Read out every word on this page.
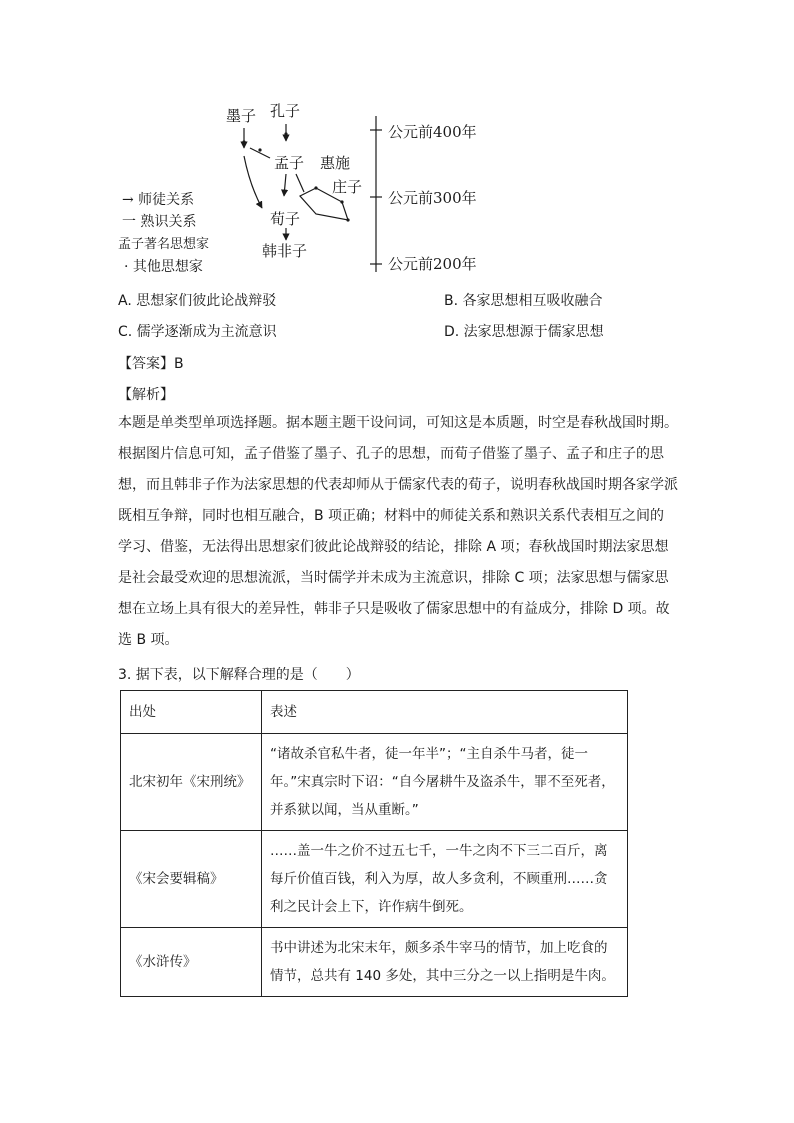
墨子 孔子
孟子 惠施
庄子
荀子
韩非子
→ 师徒关系
一 熟识关系
孟子著名思想家
· 其他思想家
公元前400年
公元前300年
公元前200年
A. 思想家们彼此论战辩驳	B. 各家思想相互吸收融合
C. 儒学逐渐成为主流意识	D. 法家思想源于儒家思想
【答案】B
【解析】
本题是单类型单项选择题。据本题主题干设问词，可知这是本质题，时空是春秋战国时期。根据图片信息可知，孟子借鉴了墨子、孔子的思想，而荀子借鉴了墨子、孟子和庄子的思想，而且韩非子作为法家思想的代表却师从于儒家代表的荀子，说明春秋战国时期各家学派既相互争辩，同时也相互融合，B 项正确；材料中的师徒关系和熟识关系代表相互之间的学习、借鉴，无法得出思想家们彼此论战辩驳的结论，排除 A 项；春秋战国时期法家思想是社会最受欢迎的思想流派，当时儒学并未成为主流意识，排除 C 项；法家思想与儒家思想在立场上具有很大的差异性，韩非子只是吸收了儒家思想中的有益成分，排除 D 项。故选 B 项。
3. 据下表，以下解释合理的是（　　）
出处	表述
北宋初年《宋刑统》	“诸故杀官私牛者，徒一年半”；“主自杀牛马者，徒一年。”宋真宗时下诏：“自今屠耕牛及盗杀牛，罪不至死者，并系狱以闻，当从重断。”
《宋会要辑稿》	……盖一牛之价不过五七千，一牛之肉不下三二百斤，离每斤价值百钱，利入为厚，故人多贪利，不顾重刑……贪利之民计会上下，许作病牛倒死。
《水浒传》	书中讲述为北宋末年，颇多杀牛宰马的情节，加上吃食的情节，总共有 140 多处，其中三分之一以上指明是牛肉。
